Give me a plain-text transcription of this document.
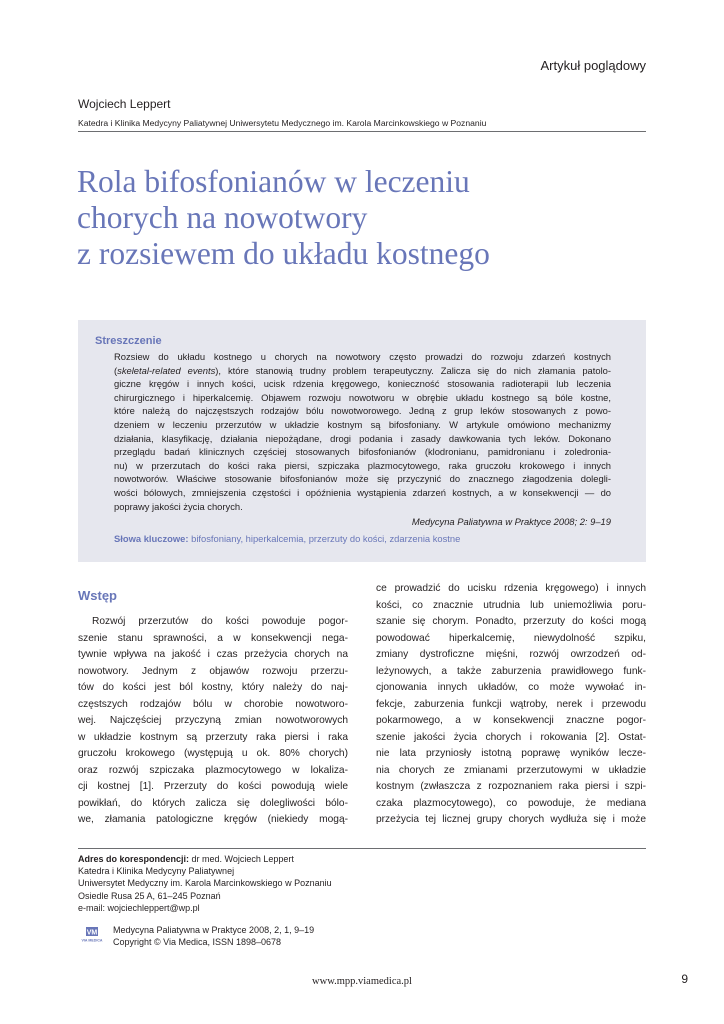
Artykuł poglądowy
Wojciech Leppert
Katedra i Klinika Medycyny Paliatywnej Uniwersytetu Medycznego im. Karola Marcinkowskiego w Poznaniu
Rola bifosfonianów w leczeniu
chorych na nowotwory
z rozsiewem do układu kostnego
Streszczenie
Rozsiew do układu kostnego u chorych na nowotwory często prowadzi do rozwoju zdarzeń kostnych
(skeletal-related events), które stanowią trudny problem terapeutyczny. Zalicza się do nich złamania patolo-
giczne kręgów i innych kości, ucisk rdzenia kręgowego, konieczność stosowania radioterapii lub leczenia
chirurgicznego i hiperkalcemię. Objawem rozwoju nowotworu w obrębie układu kostnego są bóle kostne,
które należą do najczęstszych rodzajów bólu nowotworowego. Jedną z grup leków stosowanych z powo-
dzeniem w leczeniu przerzutów w układzie kostnym są bifosfoniany. W artykule omówiono mechanizmy
działania, klasyfikację, działania niepożądane, drogi podania i zasady dawkowania tych leków. Dokonano
przeglądu badań klinicznych częściej stosowanych bifosfonianów (klodronianu, pamidronianu i zoledronia-
nu) w przerzutach do kości raka piersi, szpiczaka plazmocytowego, raka gruczołu krokowego i innych
nowotworów. Właściwe stosowanie bifosfonianów może się przyczynić do znacznego złagodzenia dolegli-
wości bólowych, zmniejszenia częstości i opóźnienia wystąpienia zdarzeń kostnych, a w konsekwencji — do
poprawy jakości życia chorych.
Medycyna Paliatywna w Praktyce 2008; 2: 9–19
Słowa kluczowe: bifosfoniany, hiperkalcemia, przerzuty do kości, zdarzenia kostne
Wstęp
Rozwój przerzutów do kości powoduje pogor-
szenie stanu sprawności, a w konsekwencji nega-
tywnie wpływa na jakość i czas przeżycia chorych na
nowotwory. Jednym z objawów rozwoju przerzu-
tów do kości jest ból kostny, który należy do naj-
częstszych rodzajów bólu w chorobie nowotworo-
wej. Najczęściej przyczyną zmian nowotworowych
w układzie kostnym są przerzuty raka piersi i raka
gruczołu krokowego (występują u ok. 80% chorych)
oraz rozwój szpiczaka plazmocytowego w lokaliza-
cji kostnej [1]. Przerzuty do kości powodują wiele
powikłań, do których zalicza się dolegliwości bólo-
we, złamania patologiczne kręgów (niekiedy mogą-
ce prowadzić do ucisku rdzenia kręgowego) i innych
kości, co znacznie utrudnia lub uniemożliwia poru-
szanie się chorym. Ponadto, przerzuty do kości mogą
powodować hiperkalcemię, niewydolność szpiku,
zmiany dystroficzne mięśni, rozwój owrzodzeń od-
leżynowych, a także zaburzenia prawidłowego funk-
cjonowania innych układów, co może wywołać in-
fekcje, zaburzenia funkcji wątroby, nerek i przewodu
pokarmowego, a w konsekwencji znaczne pogor-
szenie jakości życia chorych i rokowania [2]. Ostat-
nie lata przyniosły istotną poprawę wyników lecze-
nia chorych ze zmianami przerzutowymi w układzie
kostnym (zwłaszcza z rozpoznaniem raka piersi i szpi-
czaka plazmocytowego), co powoduje, że mediana
przeżycia tej licznej grupy chorych wydłuża się i może
Adres do korespondencji: dr med. Wojciech Leppert
Katedra i Klinika Medycyny Paliatywnej
Uniwersytet Medyczny im. Karola Marcinkowskiego w Poznaniu
Osiedle Rusa 25 A, 61–245 Poznań
e-mail: wojciechleppert@wp.pl
VM
VIA MEDICA
Medycyna Paliatywna w Praktyce 2008, 2, 1, 9–19
Copyright © Via Medica, ISSN 1898–0678
www.mpp.viamedica.pl	9
